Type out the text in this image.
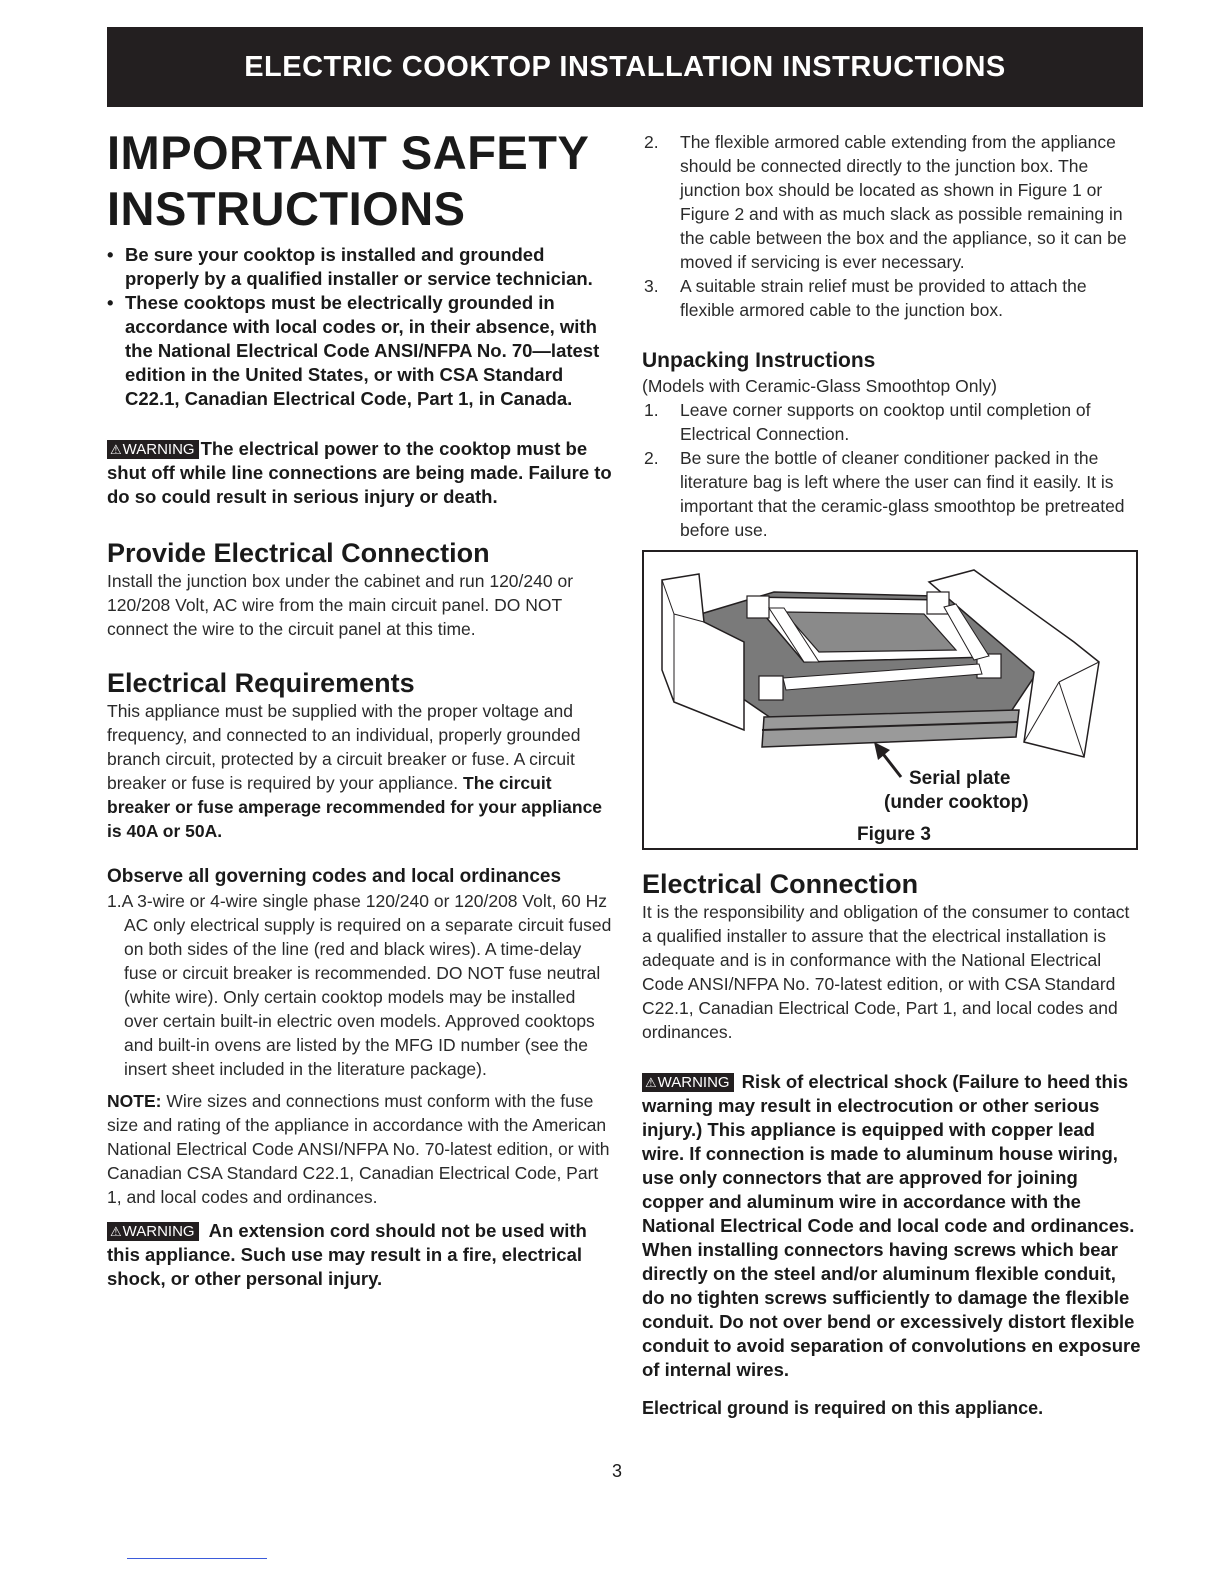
ELECTRIC COOKTOP INSTALLATION INSTRUCTIONS
IMPORTANT SAFETY
INSTRUCTIONS
• Be sure your cooktop is installed and grounded properly by a qualified installer or service technician.
• These cooktops must be electrically grounded in accordance with local codes or, in their absence, with the National Electrical Code ANSI/NFPA No. 70—latest edition in the United States, or with CSA Standard C22.1, Canadian Electrical Code, Part 1, in Canada.

⚠WARNING The electrical power to the cooktop must be shut off while line connections are being made. Failure to do so could result in serious injury or death.

Provide Electrical Connection

Install the junction box under the cabinet and run 120/240 or 120/208 Volt, AC wire from the main circuit panel. DO NOT connect the wire to the circuit panel at this time.

Electrical Requirements

This appliance must be supplied with the proper voltage and frequency, and connected to an individual, properly grounded branch circuit, protected by a circuit breaker or fuse. A circuit breaker or fuse is required by your appliance. The circuit breaker or fuse amperage recommended for your appliance is 40A or 50A.

Observe all governing codes and local ordinances

1.A 3-wire or 4-wire single phase 120/240 or 120/208 Volt, 60 Hz AC only electrical supply is required on a separate circuit fused on both sides of the line (red and black wires). A time-delay fuse or circuit breaker is recommended. DO NOT fuse neutral (white wire). Only certain cooktop models may be installed over certain built-in electric oven models. Approved cooktops and built-in ovens are listed by the MFG ID number (see the insert sheet included in the literature package).

NOTE: Wire sizes and connections must conform with the fuse size and rating of the appliance in accordance with the American National Electrical Code ANSI/NFPA No. 70-latest edition, or with Canadian CSA Standard C22.1, Canadian Electrical Code, Part 1, and local codes and ordinances.

⚠WARNING An extension cord should not be used with this appliance. Such use may result in a fire, electrical shock, or other personal injury.

2. The flexible armored cable extending from the appliance should be connected directly to the junction box. The junction box should be located as shown in Figure 1 or Figure 2 and with as much slack as possible remaining in the cable between the box and the appliance, so it can be moved if servicing is ever necessary.
3. A suitable strain relief must be provided to attach the flexible armored cable to the junction box.
Unpacking Instructions

(Models with Ceramic-Glass Smoothtop Only)

1. Leave corner supports on cooktop until completion of Electrical Connection.
2. Be sure the bottle of cleaner conditioner packed in the literature bag is left where the user can find it easily. It is important that the ceramic-glass smoothtop be pretreated before use.
Serial plate
(under cooktop)
Figure 3
Electrical Connection

It is the responsibility and obligation of the consumer to contact a qualified installer to assure that the electrical installation is adequate and is in conformance with the National Electrical Code ANSI/NFPA No. 70-latest edition, or with CSA Standard C22.1, Canadian Electrical Code, Part 1, and local codes and ordinances.

⚠WARNING Risk of electrical shock (Failure to heed this warning may result in electrocution or other serious injury.) This appliance is equipped with copper lead wire. If connection is made to aluminum house wiring, use only connectors that are approved for joining copper and aluminum wire in accordance with the National Electrical Code and local code and ordinances. When installing connectors having screws which bear directly on the steel and/or aluminum flexible conduit, do no tighten screws sufficiently to damage the flexible conduit. Do not over bend or excessively distort flexible conduit to avoid separation of convolutions en exposure of internal wires.

Electrical ground is required on this appliance.

3
